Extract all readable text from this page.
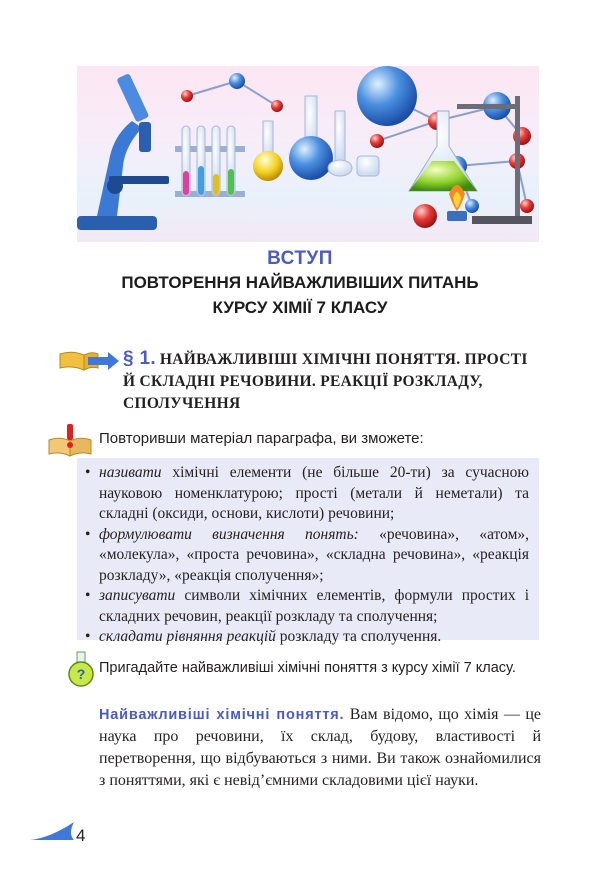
ВСТУП
ПОВТОРЕННЯ НАЙВАЖЛИВІШИХ ПИТАНЬ
КУРСУ ХІМІЇ 7 КЛАСУ
§ 1. НАЙВАЖЛИВІШІ ХІМІЧНІ ПОНЯТТЯ. ПРОСТІ
Й СКЛАДНІ РЕЧОВИНИ. РЕАКЦІЇ РОЗКЛАДУ,
СПОЛУЧЕННЯ
Повторивши матеріал параграфа, ви зможете:

• називати хімічні елементи (не більше 20-ти) за сучасною науковою номенклатурою; прості (метали й неметали) та складні (оксиди, основи, кислоти) речовини;

• формулювати визначення понять: «речовина», «атом», «молекула», «проста речовина», «складна речовина», «реакція розкладу», «реакція сполучення»;

• записувати символи хімічних елементів, формули простих і складних речовин, реакції розкладу та сполучення;

• складати рівняння реакцій розкладу та сполучення.

? Пригадайте найважливіші хімічні поняття з курсу хімії 7 класу.
Найважливіші хімічні поняття. Вам відомо, що хімія — це наука про речовини, їх склад, будову, властивості й перетворення, що відбуваються з ними. Ви також ознайомилися з поняттями, які є невід’ємними складовими цієї науки.
4
